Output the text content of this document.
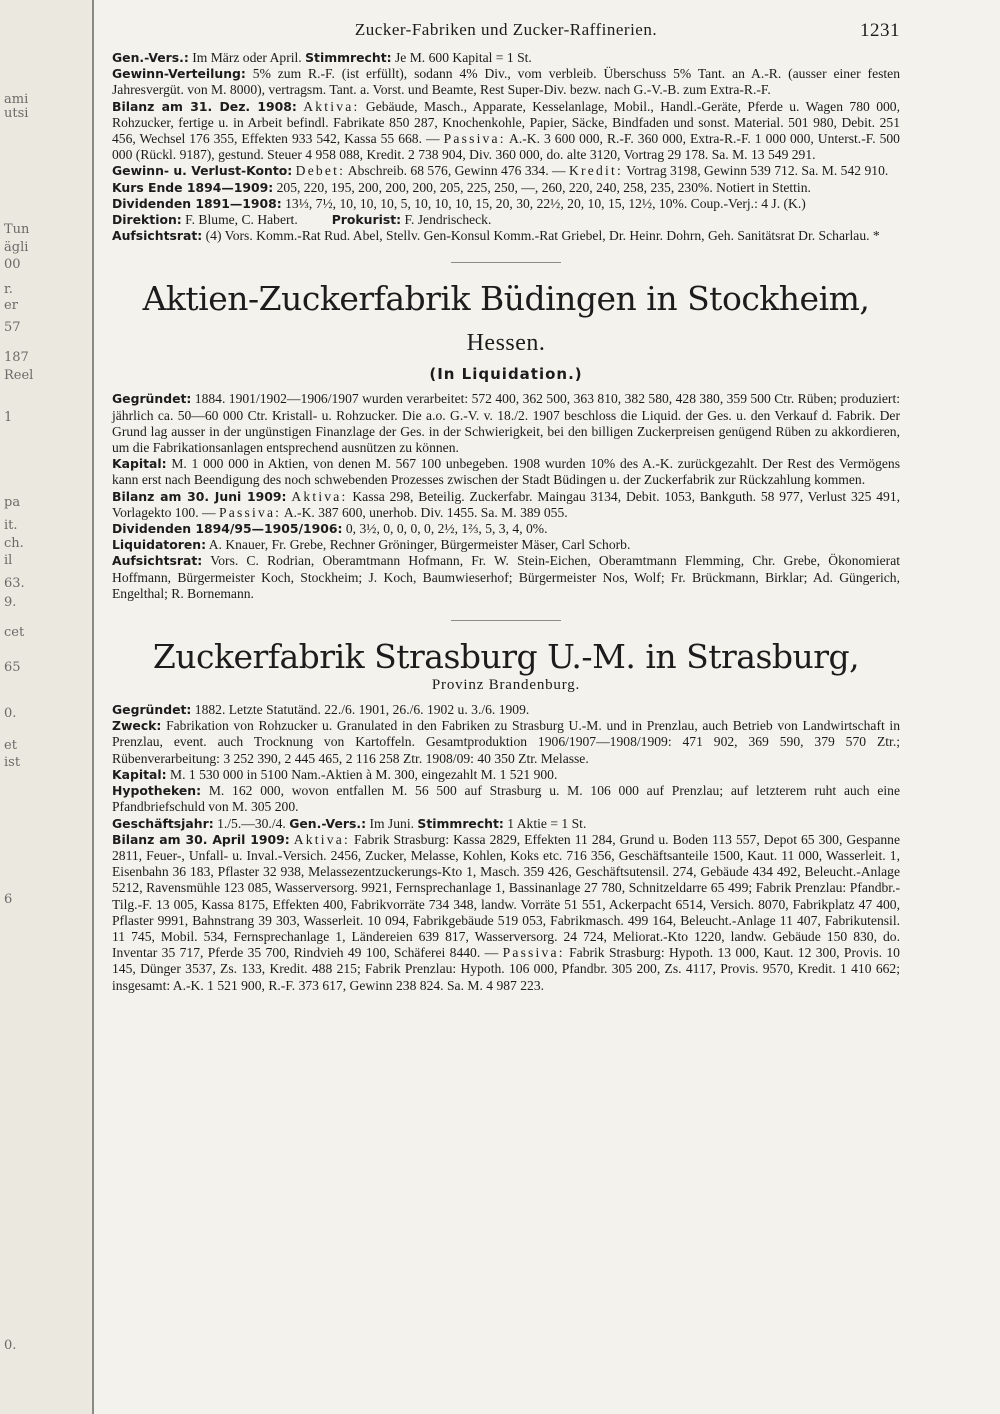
ami
utsi
Tun
ägli
00
r.
er
57
187
Reel
1
pa
it.
ch.
il
63.
9.
cet
65
0.
et
ist
6
0.
Zucker-Fabriken und Zucker-Raffinerien.	1231

Gen.-Vers.: Im März oder April. Stimmrecht: Je M. 600 Kapital = 1 St.

Gewinn-Verteilung: 5% zum R.-F. (ist erfüllt), sodann 4% Div., vom verbleib. Überschuss 5% Tant. an A.-R. (ausser einer festen Jahresvergüt. von M. 8000), vertragsm. Tant. a. Vorst. und Beamte, Rest Super-Div. bezw. nach G.-V.-B. zum Extra-R.-F.

Bilanz am 31. Dez. 1908: Aktiva: Gebäude, Masch., Apparate, Kesselanlage, Mobil., Handl.-Geräte, Pferde u. Wagen 780 000, Rohzucker, fertige u. in Arbeit befindl. Fabrikate 850 287, Knochenkohle, Papier, Säcke, Bindfaden und sonst. Material. 501 980, Debit. 251 456, Wechsel 176 355, Effekten 933 542, Kassa 55 668. — Passiva: A.-K. 3 600 000, R.-F. 360 000, Extra-R.-F. 1 000 000, Unterst.-F. 500 000 (Rückl. 9187), gestund. Steuer 4 958 088, Kredit. 2 738 904, Div. 360 000, do. alte 3120, Vortrag 29 178. Sa. M. 13 549 291.

Gewinn- u. Verlust-Konto: Debet: Abschreib. 68 576, Gewinn 476 334. — Kredit: Vortrag 3198, Gewinn 539 712. Sa. M. 542 910.

Kurs Ende 1894—1909: 205, 220, 195, 200, 200, 200, 205, 225, 250, —, 260, 220, 240, 258, 235, 230%. Notiert in Stettin.

Dividenden 1891—1908: 13⅓, 7½, 10, 10, 10, 5, 10, 10, 10, 15, 20, 30, 22½, 20, 10, 15, 12½, 10%. Coup.-Verj.: 4 J. (K.)

Direktion: F. Blume, C. Habert.	Prokurist: F. Jendrischeck.

Aufsichtsrat: (4) Vors. Komm.-Rat Rud. Abel, Stellv. Gen-Konsul Komm.-Rat Griebel, Dr. Heinr. Dohrn, Geh. Sanitätsrat Dr. Scharlau. *

Aktien-Zuckerfabrik Büdingen in Stockheim, Hessen.
(In Liquidation.)

Gegründet: 1884. 1901/1902—1906/1907 wurden verarbeitet: 572 400, 362 500, 363 810, 382 580, 428 380, 359 500 Ctr. Rüben; produziert: jährlich ca. 50—60 000 Ctr. Kristall- u. Rohzucker. Die a.o. G.-V. v. 18./2. 1907 beschloss die Liquid. der Ges. u. den Verkauf d. Fabrik. Der Grund lag ausser in der ungünstigen Finanzlage der Ges. in der Schwierigkeit, bei den billigen Zuckerpreisen genügend Rüben zu akkordieren, um die Fabrikationsanlagen entsprechend ausnützen zu können.

Kapital: M. 1 000 000 in Aktien, von denen M. 567 100 unbegeben. 1908 wurden 10% des A.-K. zurückgezahlt. Der Rest des Vermögens kann erst nach Beendigung des noch schwebenden Prozesses zwischen der Stadt Büdingen u. der Zuckerfabrik zur Rückzahlung kommen.

Bilanz am 30. Juni 1909: Aktiva: Kassa 298, Beteilig. Zuckerfabr. Maingau 3134, Debit. 1053, Bankguth. 58 977, Verlust 325 491, Vorlagekto 100. — Passiva: A.-K. 387 600, unerhob. Div. 1455. Sa. M. 389 055.

Dividenden 1894/95—1905/1906: 0, 3½, 0, 0, 0, 0, 2½, 1⅔, 5, 3, 4, 0%.

Liquidatoren: A. Knauer, Fr. Grebe, Rechner Gröninger, Bürgermeister Mäser, Carl Schorb.

Aufsichtsrat: Vors. C. Rodrian, Oberamtmann Hofmann, Fr. W. Stein-Eichen, Oberamtmann Flemming, Chr. Grebe, Ökonomierat Hoffmann, Bürgermeister Koch, Stockheim; J. Koch, Baumwieserhof; Bürgermeister Nos, Wolf; Fr. Brückmann, Birklar; Ad. Güngerich, Engelthal; R. Bornemann.

Zuckerfabrik Strasburg U.-M. in Strasburg,
Provinz Brandenburg.

Gegründet: 1882. Letzte Statutänd. 22./6. 1901, 26./6. 1902 u. 3./6. 1909.

Zweck: Fabrikation von Rohzucker u. Granulated in den Fabriken zu Strasburg U.-M. und in Prenzlau, auch Betrieb von Landwirtschaft in Prenzlau, event. auch Trocknung von Kartoffeln. Gesamtproduktion 1906/1907—1908/1909: 471 902, 369 590, 379 570 Ztr.; Rübenverarbeitung: 3 252 390, 2 445 465, 2 116 258 Ztr. 1908/09: 40 350 Ztr. Melasse.

Kapital: M. 1 530 000 in 5100 Nam.-Aktien à M. 300, eingezahlt M. 1 521 900.

Hypotheken: M. 162 000, wovon entfallen M. 56 500 auf Strasburg u. M. 106 000 auf Prenzlau; auf letzterem ruht auch eine Pfandbriefschuld von M. 305 200.

Geschäftsjahr: 1./5.—30./4. Gen.-Vers.: Im Juni. Stimmrecht: 1 Aktie = 1 St.

Bilanz am 30. April 1909: Aktiva: Fabrik Strasburg: Kassa 2829, Effekten 11 284, Grund u. Boden 113 557, Depot 65 300, Gespanne 2811, Feuer-, Unfall- u. Inval.-Versich. 2456, Zucker, Melasse, Kohlen, Koks etc. 716 356, Geschäftsanteile 1500, Kaut. 11 000, Wasserleit. 1, Eisenbahn 36 183, Pflaster 32 938, Melassezentzuckerungs-Kto 1, Masch. 359 426, Geschäftsutensil. 274, Gebäude 434 492, Beleucht.-Anlage 5212, Ravensmühle 123 085, Wasserversorg. 9921, Fernsprechanlage 1, Bassinanlage 27 780, Schnitzeldarre 65 499; Fabrik Prenzlau: Pfandbr.-Tilg.-F. 13 005, Kassa 8175, Effekten 400, Fabrikvorräte 734 348, landw. Vorräte 51 551, Ackerpacht 6514, Versich. 8070, Fabrikplatz 47 400, Pflaster 9991, Bahnstrang 39 303, Wasserleit. 10 094, Fabrikgebäude 519 053, Fabrikmasch. 499 164, Beleucht.-Anlage 11 407, Fabrikutensil. 11 745, Mobil. 534, Fernsprechanlage 1, Ländereien 639 817, Wasserversorg. 24 724, Meliorat.-Kto 1220, landw. Gebäude 150 830, do. Inventar 35 717, Pferde 35 700, Rindvieh 49 100, Schäferei 8440. — Passiva: Fabrik Strasburg: Hypoth. 13 000, Kaut. 12 300, Provis. 10 145, Dünger 3537, Zs. 133, Kredit. 488 215; Fabrik Prenzlau: Hypoth. 106 000, Pfandbr. 305 200, Zs. 4117, Provis. 9570, Kredit. 1 410 662; insgesamt: A.-K. 1 521 900, R.-F. 373 617, Gewinn 238 824. Sa. M. 4 987 223.
